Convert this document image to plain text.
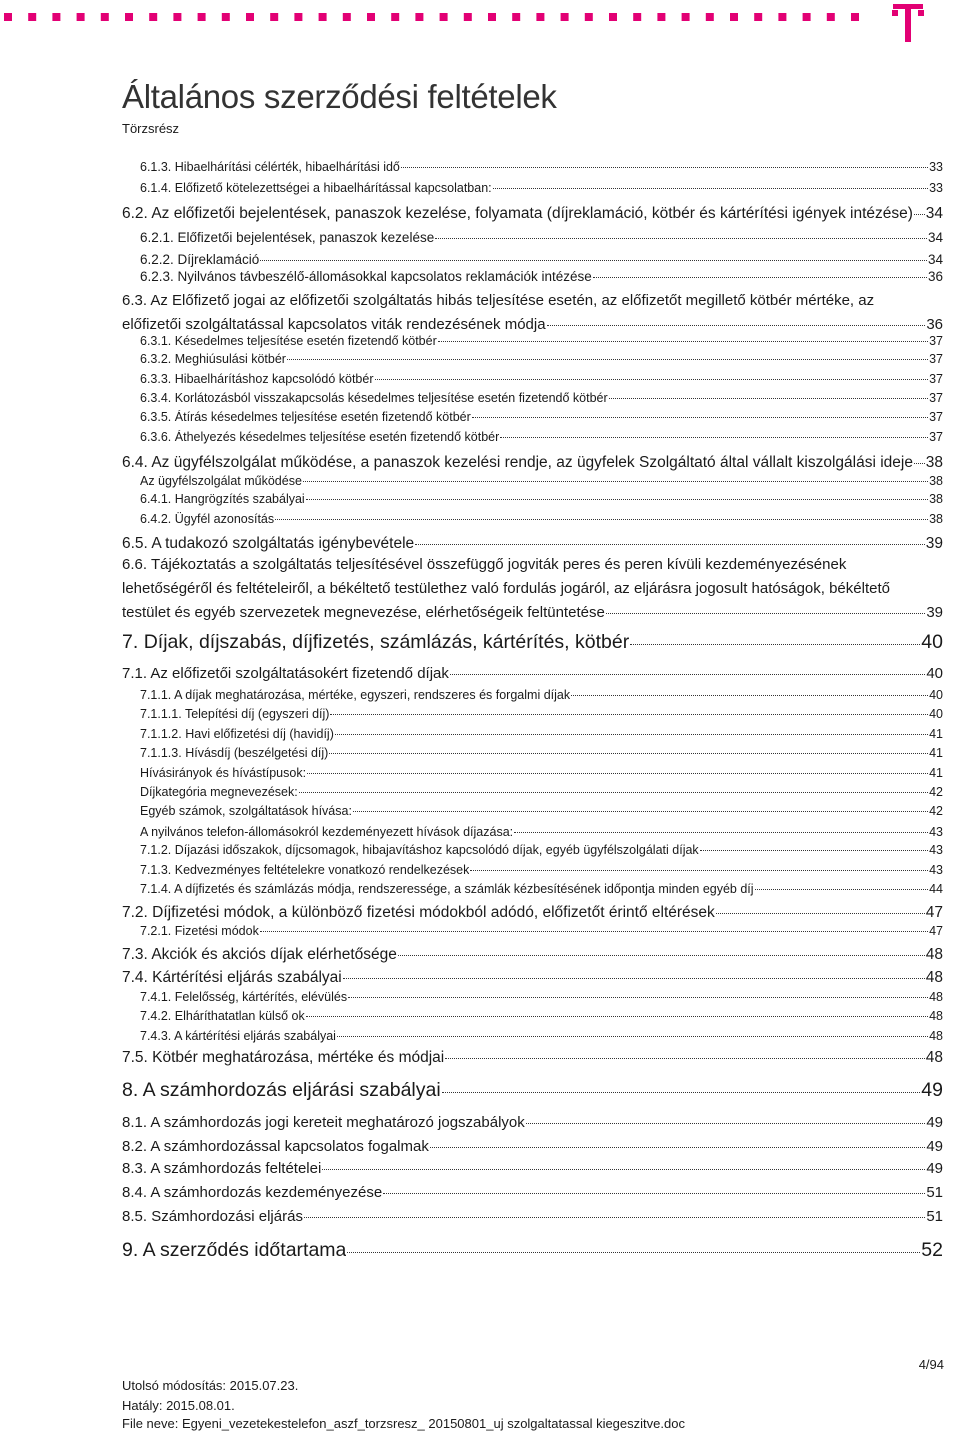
Általános szerződési feltételek
Törzsrész
6.1.3. Hibaelhárítási célérték, hibaelhárítási idő	33
6.1.4. Előfizető kötelezettségei a hibaelhárítással kapcsolatban:	33
6.2. Az előfizetői bejelentések, panaszok kezelése, folyamata (díjreklamáció, kötbér és kártérítési igények intézése) 34
6.2.1. Előfizetői bejelentések, panaszok kezelése	34
6.2.2. Díjreklamáció	34
6.2.3. Nyilvános távbeszélő-állomásokkal kapcsolatos reklamációk intézése	36
6.3. Az Előfizető jogai az előfizetői szolgáltatás hibás teljesítése esetén, az előfizetőt megillető kötbér mértéke, az
előfizetői szolgáltatással kapcsolatos viták rendezésének módja	36
6.3.1. Késedelmes teljesítése esetén fizetendő kötbér	37
6.3.2. Meghiúsulási kötbér	37
6.3.3. Hibaelhárításhoz kapcsolódó kötbér	37
6.3.4. Korlátozásból visszakapcsolás késedelmes teljesítése esetén fizetendő kötbér	37
6.3.5. Átírás késedelmes teljesítése esetén fizetendő kötbér	37
6.3.6. Áthelyezés késedelmes teljesítése esetén fizetendő kötbér	37
6.4. Az ügyfélszolgálat működése, a panaszok kezelési rendje, az ügyfelek Szolgáltató által vállalt kiszolgálási ideje 38
Az ügyfélszolgálat működése	38
6.4.1. Hangrögzítés szabályai	38
6.4.2. Ügyfél azonosítás	38
6.5. A tudakozó szolgáltatás igénybevétele	39
6.6. Tájékoztatás a szolgáltatás teljesítésével összefüggő jogviták peres és peren kívüli kezdeményezésének
lehetőségéről és feltételeiről, a békéltető testülethez való fordulás jogáról, az eljárásra jogosult hatóságok, békéltető
testület és egyéb szervezetek megnevezése, elérhetőségeik feltüntetése	39
7. Díjak, díjszabás, díjfizetés, számlázás, kártérítés, kötbér	40
7.1. Az előfizetői szolgáltatásokért fizetendő díjak	40
7.1.1. A díjak meghatározása, mértéke, egyszeri, rendszeres és forgalmi díjak	40
7.1.1.1. Telepítési díj (egyszeri díj)	40
7.1.1.2. Havi előfizetési díj (havidíj)	41
7.1.1.3. Hívásdíj (beszélgetési díj)	41
Hívásirányok és hívástípusok:	41
Díjkategória megnevezések:	42
Egyéb számok, szolgáltatások hívása:	42
A nyilvános telefon-állomásokról kezdeményezett hívások díjazása:	43
7.1.2. Díjazási időszakok, díjcsomagok, hibajavításhoz kapcsolódó díjak, egyéb ügyfélszolgálati díjak	43
7.1.3. Kedvezményes feltételekre vonatkozó rendelkezések	43
7.1.4. A díjfizetés és számlázás módja, rendszeressége, a számlák kézbesítésének időpontja minden egyéb díj	44
7.2. Díjfizetési módok, a különböző fizetési módokból adódó, előfizetőt érintő eltérések	47
7.2.1. Fizetési módok	47
7.3. Akciók és akciós díjak elérhetősége	48
7.4. Kártérítési eljárás szabályai	48
7.4.1. Felelősség, kártérítés, elévülés	48
7.4.2. Elháríthatatlan külső ok	48
7.4.3. A kártérítési eljárás szabályai	48
7.5. Kötbér meghatározása, mértéke és módjai	48
8. A számhordozás eljárási szabályai	49
8.1. A számhordozás jogi kereteit meghatározó jogszabályok	49
8.2. A számhordozással kapcsolatos fogalmak	49
8.3. A számhordozás feltételei	49
8.4. A számhordozás kezdeményezése	51
8.5. Számhordozási eljárás	51
9. A szerződés időtartama	52
Utolsó módosítás: 2015.07.23.
Hatály: 2015.08.01.
File neve: Egyeni_vezetekestelefon_aszf_torzsresz_ 20150801_uj szolgaltatassal kiegeszitve.doc
4/94
